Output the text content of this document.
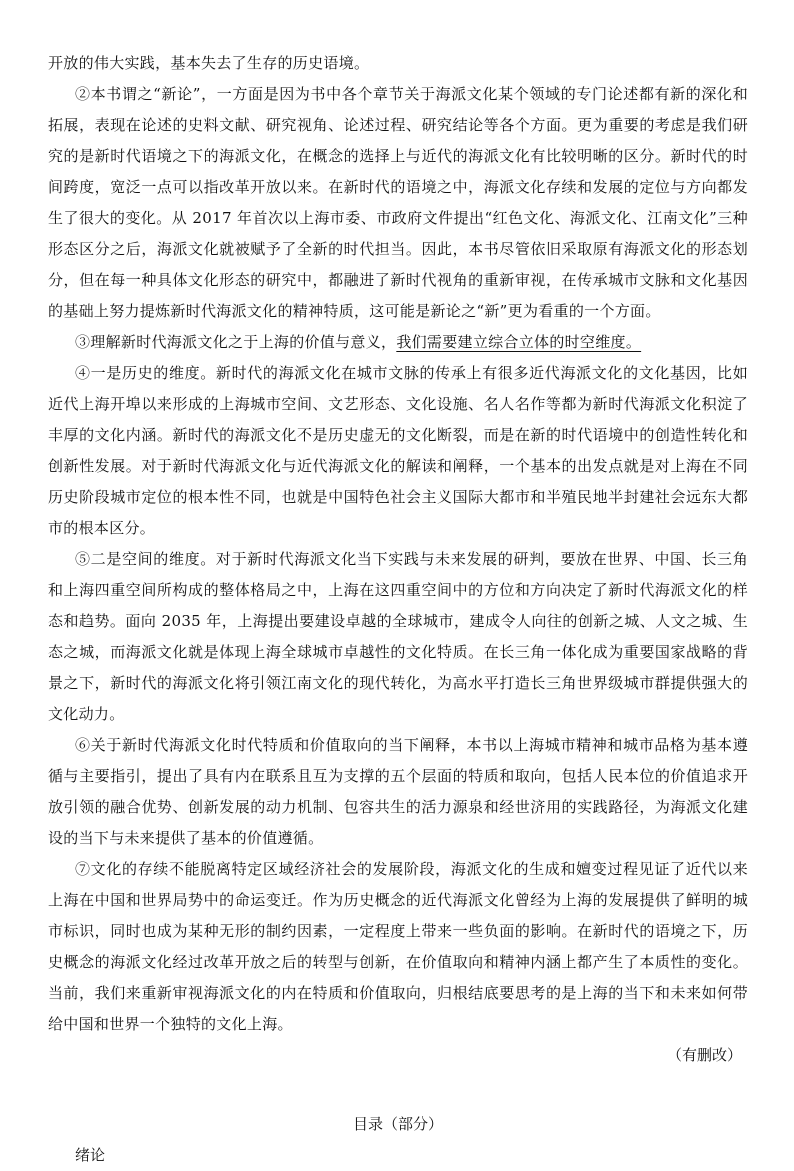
开放的伟大实践，基本失去了生存的历史语境。

②本书谓之“新论”，一方面是因为书中各个章节关于海派文化某个领域的专门论述都有新的深化和拓展，表现在论述的史料文献、研究视角、论述过程、研究结论等各个方面。更为重要的考虑是我们研究的是新时代语境之下的海派文化，在概念的选择上与近代的海派文化有比较明晰的区分。新时代的时间跨度，宽泛一点可以指改革开放以来。在新时代的语境之中，海派文化存续和发展的定位与方向都发生了很大的变化。从 2017 年首次以上海市委、市政府文件提出“红色文化、海派文化、江南文化”三种形态区分之后，海派文化就被赋予了全新的时代担当。因此，本书尽管依旧采取原有海派文化的形态划分，但在每一种具体文化形态的研究中，都融进了新时代视角的重新审视，在传承城市文脉和文化基因的基础上努力提炼新时代海派文化的精神特质，这可能是新论之“新”更为看重的一个方面。

③理解新时代海派文化之于上海的价值与意义，我们需要建立综合立体的时空维度。

④一是历史的维度。新时代的海派文化在城市文脉的传承上有很多近代海派文化的文化基因，比如近代上海开埠以来形成的上海城市空间、文艺形态、文化设施、名人名作等都为新时代海派文化积淀了丰厚的文化内涵。新时代的海派文化不是历史虚无的文化断裂，而是在新的时代语境中的创造性转化和创新性发展。对于新时代海派文化与近代海派文化的解读和阐释，一个基本的出发点就是对上海在不同历史阶段城市定位的根本性不同，也就是中国特色社会主义国际大都市和半殖民地半封建社会远东大都市的根本区分。

⑤二是空间的维度。对于新时代海派文化当下实践与未来发展的研判，要放在世界、中国、长三角和上海四重空间所构成的整体格局之中，上海在这四重空间中的方位和方向决定了新时代海派文化的样态和趋势。面向 2035 年，上海提出要建设卓越的全球城市，建成令人向往的创新之城、人文之城、生态之城，而海派文化就是体现上海全球城市卓越性的文化特质。在长三角一体化成为重要国家战略的背景之下，新时代的海派文化将引领江南文化的现代转化，为高水平打造长三角世界级城市群提供强大的文化动力。

⑥关于新时代海派文化时代特质和价值取向的当下阐释，本书以上海城市精神和城市品格为基本遵循与主要指引，提出了具有内在联系且互为支撑的五个层面的特质和取向，包括人民本位的价值追求开放引领的融合优势、创新发展的动力机制、包容共生的活力源泉和经世济用的实践路径，为海派文化建设的当下与未来提供了基本的价值遵循。

⑦文化的存续不能脱离特定区域经济社会的发展阶段，海派文化的生成和嬗变过程见证了近代以来上海在中国和世界局势中的命运变迁。作为历史概念的近代海派文化曾经为上海的发展提供了鲜明的城市标识，同时也成为某种无形的制约因素，一定程度上带来一些负面的影响。在新时代的语境之下，历史概念的海派文化经过改革开放之后的转型与创新，在价值取向和精神内涵上都产生了本质性的变化。当前，我们来重新审视海派文化的内在特质和价值取向，归根结底要思考的是上海的当下和未来如何带给中国和世界一个独特的文化上海。

（有删改）

目录（部分）
绪论
